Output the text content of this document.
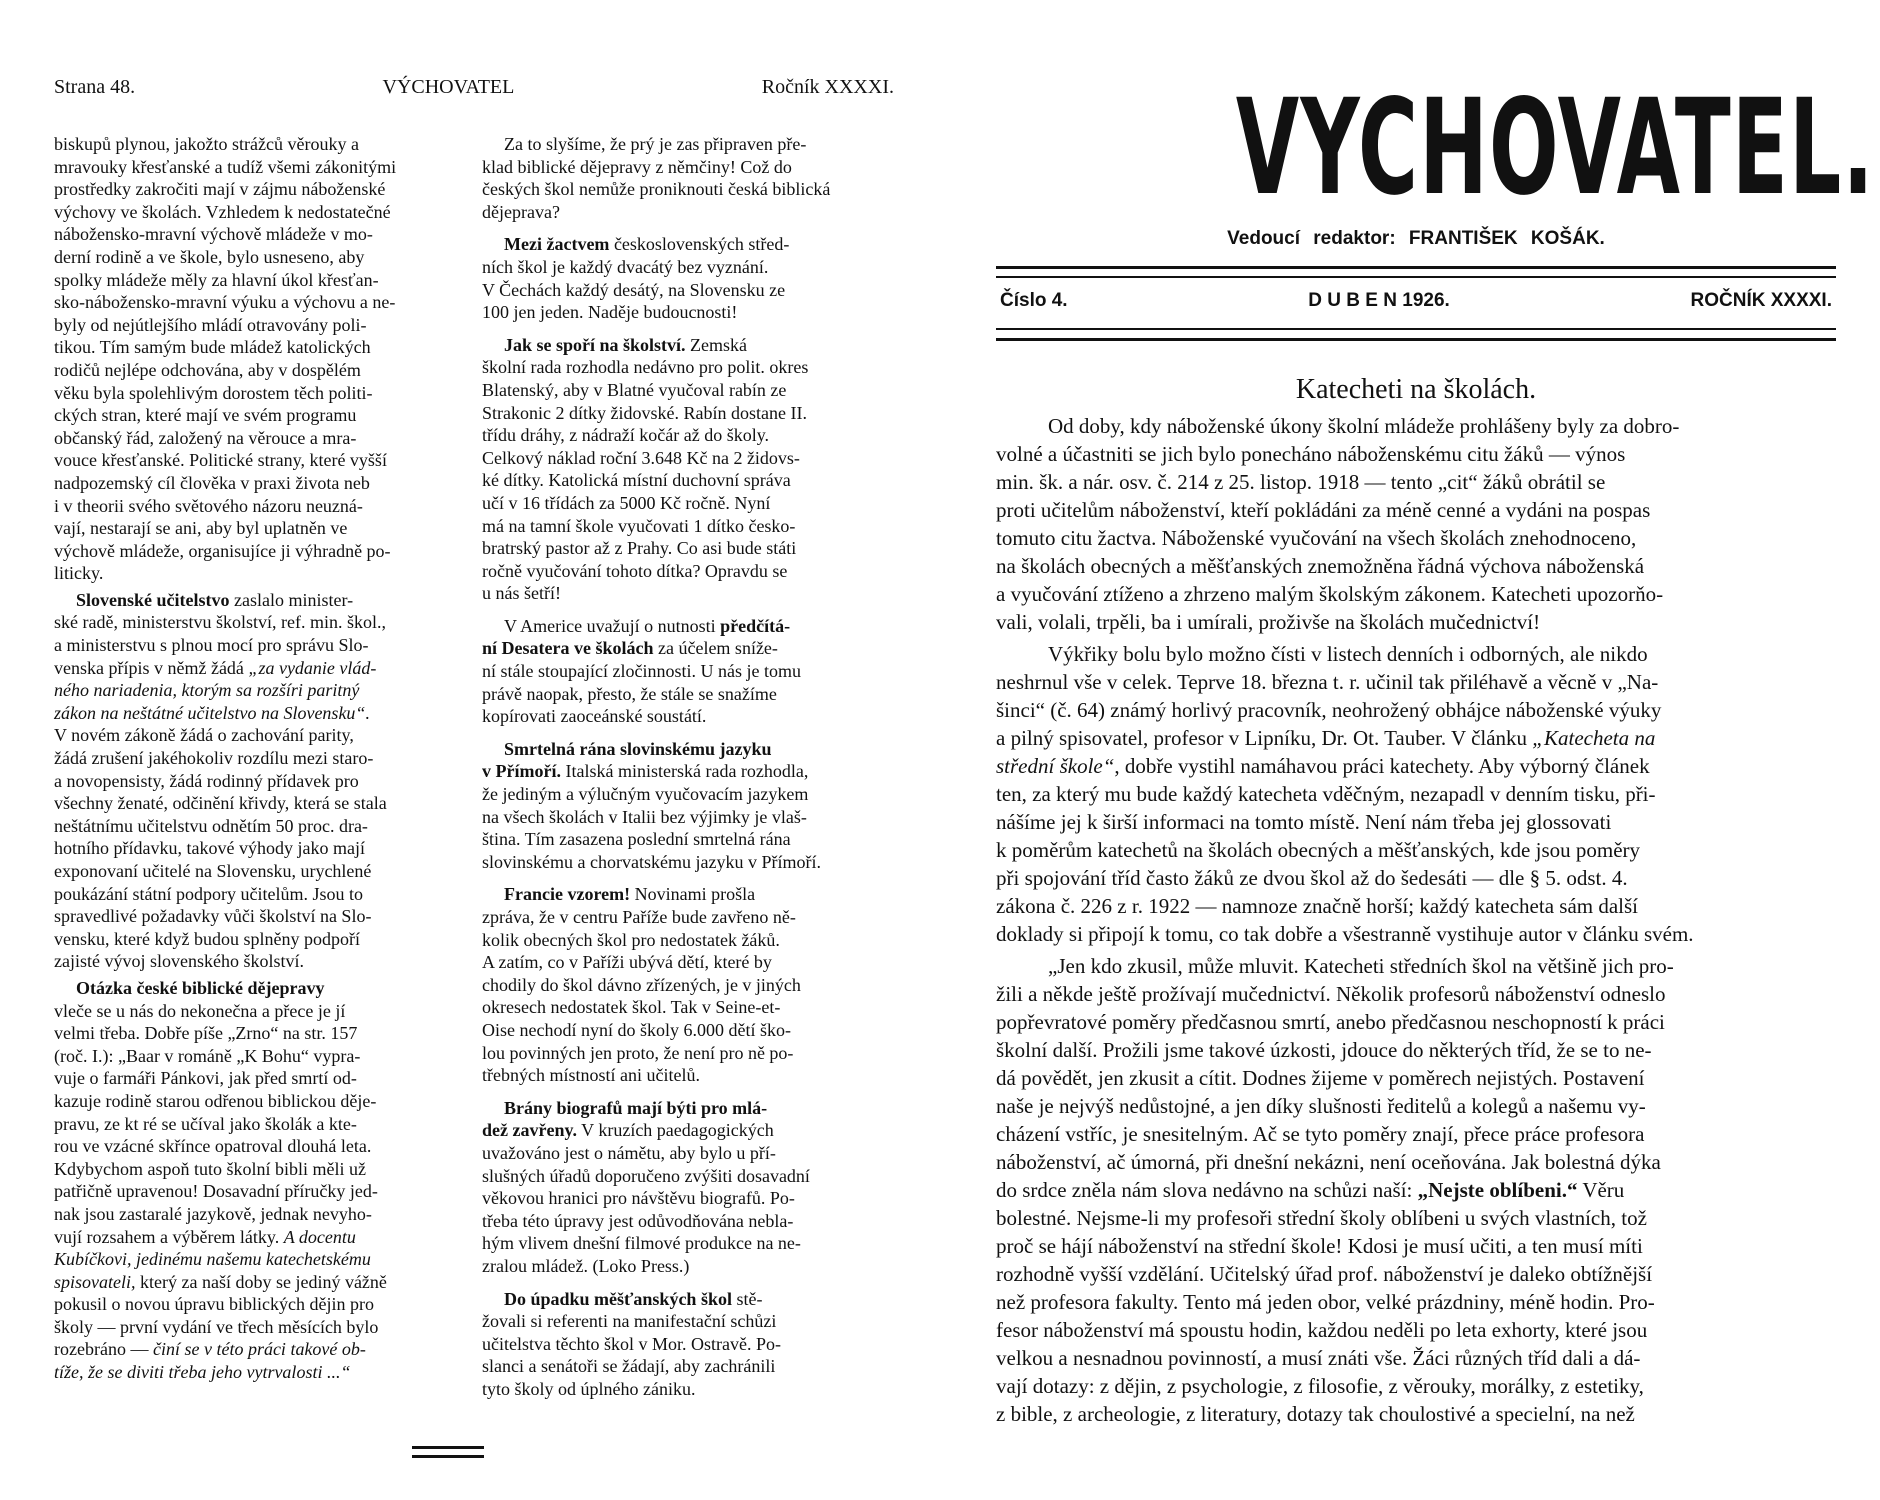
Strana 48.	VÝCHOVATEL	Ročník XXXXI.
biskupů plynou, jakožto strážců věrouky a
mravouky křesťanské a tudíž všemi zákonitými
prostředky zakročiti mají v zájmu náboženské
výchovy ve školách. Vzhledem k nedostatečné
nábožensko-mravní výchově mládeže v mo-
derní rodině a ve škole, bylo usneseno, aby
spolky mládeže měly za hlavní úkol křesťan-
sko-nábožensko-mravní výuku a výchovu a ne-
byly od nejútlejšího mládí otravovány poli-
tikou. Tím samým bude mládež katolických
rodičů nejlépe odchována, aby v dospělém
věku byla spolehlivým dorostem těch politi-
ckých stran, které mají ve svém programu
občanský řád, založený na věrouce a mra-
vouce křesťanské. Politické strany, které vyšší
nadpozemský cíl člověka v praxi života neb
i v theorii svého světového názoru neuzná-
vají, nestarají se ani, aby byl uplatněn ve
výchově mládeže, organisujíce ji výhradně po-
liticky.
Slovenské učitelstvo zaslalo minister-
ské radě, ministerstvu školství, ref. min. škol.,
a ministerstvu s plnou mocí pro správu Slo-
venska přípis v němž žádá „za vydanie vlád-
ného nariadenia, ktorým sa rozšíri paritný
zákon na neštátné učitelstvo na Slovensku“.
V novém zákoně žádá o zachování parity,
žádá zrušení jakéhokoliv rozdílu mezi staro-
a novopensisty, žádá rodinný přídavek pro
všechny ženaté, odčinění křivdy, která se stala
neštátnímu učitelstvu odnětím 50 proc. dra-
hotního přídavku, takové výhody jako mají
exponovaní učitelé na Slovensku, urychlené
poukázání státní podpory učitelům. Jsou to
spravedlivé požadavky vůči školství na Slo-
vensku, které když budou splněny podpoří
zajisté vývoj slovenského školství.
Otázka české biblické dějepravy
vleče se u nás do nekonečna a přece je jí
velmi třeba. Dobře píše „Zrno“ na str. 157
(roč. I.): „Baar v románě „K Bohu“ vypra-
vuje o farmáři Pánkovi, jak před smrtí od-
kazuje rodině starou odřenou biblickou děje-
pravu, ze kt ré se učíval jako školák a kte-
rou ve vzácné skřínce opatroval dlouhá leta.
Kdybychom aspoň tuto školní bibli měli už
patřičně upravenou! Dosavadní příručky jed-
nak jsou zastaralé jazykově, jednak nevyho-
vují rozsahem a výběrem látky. A docentu
Kubíčkovi, jedinému našemu katechetskému
spisovateli, který za naší doby se jediný vážně
pokusil o novou úpravu biblických dějin pro
školy — první vydání ve třech měsících bylo
rozebráno — činí se v této práci takové ob-
tíže, že se diviti třeba jeho vytrvalosti ...“
Za to slyšíme, že prý je zas připraven pře-
klad biblické dějepravy z němčiny! Což do
českých škol nemůže proniknouti česká biblická
dějeprava?
Mezi žactvem československých střed-
ních škol je každý dvacátý bez vyznání.
V Čechách každý desátý, na Slovensku ze
100 jen jeden. Naděje budoucnosti!
Jak se spoří na školství. Zemská
školní rada rozhodla nedávno pro polit. okres
Blatenský, aby v Blatné vyučoval rabín ze
Strakonic 2 dítky židovské. Rabín dostane II.
třídu dráhy, z nádraží kočár až do školy.
Celkový náklad roční 3.648 Kč na 2 židovs-
ké dítky. Katolická místní duchovní správa
učí v 16 třídách za 5000 Kč ročně. Nyní
má na tamní škole vyučovati 1 dítko česko-
bratrský pastor až z Prahy. Co asi bude státi
ročně vyučování tohoto dítka? Opravdu se
u nás šetří!
V Americe uvažují o nutnosti předčítá-
ní Desatera ve školách za účelem sníže-
ní stále stoupající zločinnosti. U nás je tomu
právě naopak, přesto, že stále se snažíme
kopírovati zaoceánské soustátí.
Smrtelná rána slovinskému jazyku
v Přímoří. Italská ministerská rada rozhodla,
že jediným a výlučným vyučovacím jazykem
na všech školách v Italii bez výjimky je vlaš-
ština. Tím zasazena poslední smrtelná rána
slovinskému a chorvatskému jazyku v Přímoří.
Francie vzorem! Novinami prošla
zpráva, že v centru Paříže bude zavřeno ně-
kolik obecných škol pro nedostatek žáků.
A zatím, co v Paříži ubývá dětí, které by
chodily do škol dávno zřízených, je v jiných
okresech nedostatek škol. Tak v Seine-et-
Oise nechodí nyní do školy 6.000 dětí ško-
lou povinných jen proto, že není pro ně po-
třebných místností ani učitelů.
Brány biografů mají býti pro mlá-
dež zavřeny. V kruzích paedagogických
uvažováno jest o námětu, aby bylo u pří-
slušných úřadů doporučeno zvýšiti dosavadní
věkovou hranici pro návštěvu biografů. Po-
třeba této úpravy jest odůvodňována nebla-
hým vlivem dnešní filmové produkce na ne-
zralou mládež. (Loko Press.)
Do úpadku měšťanských škol stě-
žovali si referenti na manifestační schůzi
učitelstva těchto škol v Mor. Ostravě. Po-
slanci a senátoři se žádají, aby zachránili
tyto školy od úplného zániku.
VYCHOVATEL.
Vedoucí redaktor: FRANTIŠEK KOŠÁK.
Číslo 4.	D U B E N 1926.	ROČNÍK XXXXI.
Katecheti na školách.
Od doby, kdy náboženské úkony školní mládeže prohlášeny byly za dobro-
volné a účastniti se jich bylo ponecháno náboženskému citu žáků — výnos
min. šk. a nár. osv. č. 214 z 25. listop. 1918 — tento „cit“ žáků obrátil se
proti učitelům náboženství, kteří pokládáni za méně cenné a vydáni na pospas
tomuto citu žactva. Náboženské vyučování na všech školách znehodnoceno,
na školách obecných a měšťanských znemožněna řádná výchova náboženská
a vyučování ztíženo a zhrzeno malým školským zákonem. Katecheti upozorňo-
vali, volali, trpěli, ba i umírali, proživše na školách mučednictví!
Výkřiky bolu bylo možno čísti v listech denních i odborných, ale nikdo
neshrnul vše v celek. Teprve 18. března t. r. učinil tak přiléhavě a věcně v „Na-
šinci“ (č. 64) známý horlivý pracovník, neohrožený obhájce náboženské výuky
a pilný spisovatel, profesor v Lipníku, Dr. Ot. Tauber. V článku „Katecheta na
střední škole“, dobře vystihl namáhavou práci katechety. Aby výborný článek
ten, za který mu bude každý katecheta vděčným, nezapadl v denním tisku, při-
nášíme jej k širší informaci na tomto místě. Není nám třeba jej glossovati
k poměrům katechetů na školách obecných a měšťanských, kde jsou poměry
při spojování tříd často žáků ze dvou škol až do šedesáti — dle § 5. odst. 4.
zákona č. 226 z r. 1922 — namnoze značně horší; každý katecheta sám další
doklady si připojí k tomu, co tak dobře a všestranně vystihuje autor v článku svém.
„Jen kdo zkusil, může mluvit. Katecheti středních škol na většině jich pro-
žili a někde ještě prožívají mučednictví. Několik profesorů náboženství odneslo
popřevratové poměry předčasnou smrtí, anebo předčasnou neschopností k práci
školní další. Prožili jsme takové úzkosti, jdouce do některých tříd, že se to ne-
dá povědět, jen zkusit a cítit. Dodnes žijeme v poměrech nejistých. Postavení
naše je nejvýš nedůstojné, a jen díky slušnosti ředitelů a kolegů a našemu vy-
cházení vstříc, je snesitelným. Ač se tyto poměry znají, přece práce profesora
náboženství, ač úmorná, při dnešní nekázni, není oceňována. Jak bolestná dýka
do srdce zněla nám slova nedávno na schůzi naší: „Nejste oblíbeni.“ Věru
bolestné. Nejsme-li my profesoři střední školy oblíbeni u svých vlastních, tož
proč se hájí náboženství na střední škole! Kdosi je musí učiti, a ten musí míti
rozhodně vyšší vzdělání. Učitelský úřad prof. náboženství je daleko obtížnější
než profesora fakulty. Tento má jeden obor, velké prázdniny, méně hodin. Pro-
fesor náboženství má spoustu hodin, každou neděli po leta exhorty, které jsou
velkou a nesnadnou povinností, a musí znáti vše. Žáci různých tříd dali a dá-
vají dotazy: z dějin, z psychologie, z filosofie, z věrouky, morálky, z estetiky,
z bible, z archeologie, z literatury, dotazy tak choulostivé a specielní, na než
